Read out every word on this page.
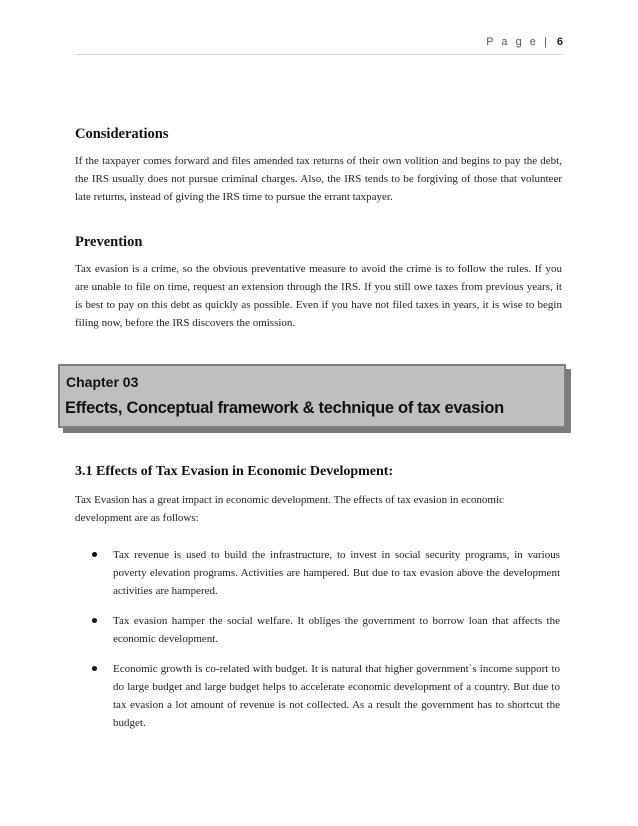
P a g e | 6
Considerations
If the taxpayer comes forward and files amended tax returns of their own volition and begins to pay the debt, the IRS usually does not pursue criminal charges. Also, the IRS tends to be forgiving of those that volunteer late returns, instead of giving the IRS time to pursue the errant taxpayer.
Prevention
Tax evasion is a crime, so the obvious preventative measure to avoid the crime is to follow the rules. If you are unable to file on time, request an extension through the IRS. If you still owe taxes from previous years, it is best to pay on this debt as quickly as possible. Even if you have not filed taxes in years, it is wise to begin filing now, before the IRS discovers the omission.
Chapter 03
Effects, Conceptual framework & technique of tax evasion
3.1 Effects of Tax Evasion in Economic Development:
Tax Evasion has a great impact in economic development. The effects of tax evasion in economic development are as follows:
Tax revenue is used to build the infrastructure, to invest in social security programs, in various poverty elevation programs. Activities are hampered. But due to tax evasion above the development activities are hampered.
Tax evasion hamper the social welfare. It obliges the government to borrow loan that affects the economic development.
Economic growth is co-related with budget. It is natural that higher government`s income support to do large budget and large budget helps to accelerate economic development of a country. But due to tax evasion a lot amount of revenue is not collected. As a result the government has to shortcut the budget.
